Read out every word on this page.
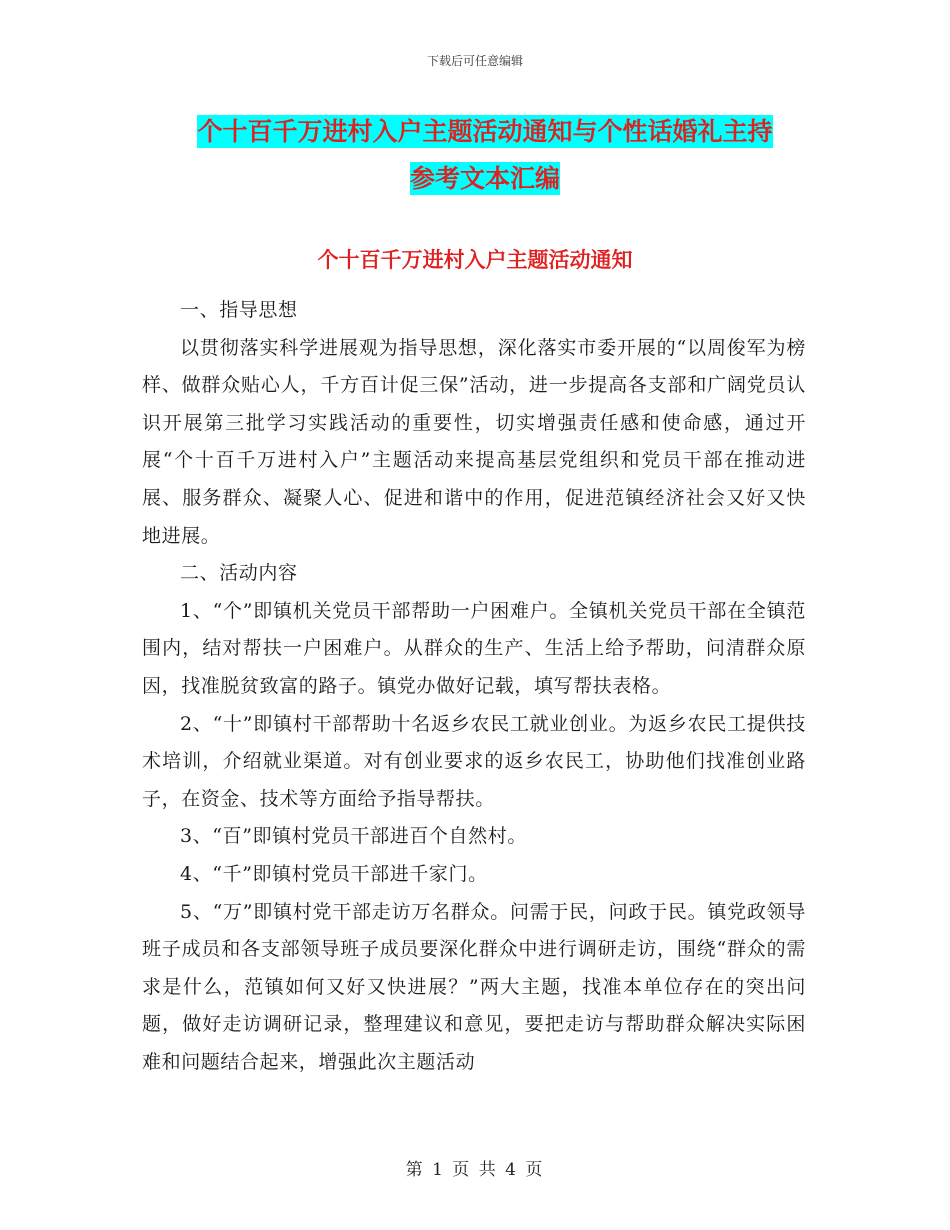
下载后可任意编辑
个十百千万进村入户主题活动通知与个性话婚礼主持
参考文本汇编
个十百千万进村入户主题活动通知

一、指导思想

以贯彻落实科学进展观为指导思想，深化落实市委开展的“以周俊军为榜样、做群众贴心人，千方百计促三保”活动，进一步提高各支部和广阔党员认识开展第三批学习实践活动的重要性，切实增强责任感和使命感，通过开展“个十百千万进村入户”主题活动来提高基层党组织和党员干部在推动进展、服务群众、凝聚人心、促进和谐中的作用，促进范镇经济社会又好又快地进展。

二、活动内容

1、“个”即镇机关党员干部帮助一户困难户。全镇机关党员干部在全镇范围内，结对帮扶一户困难户。从群众的生产、生活上给予帮助，问清群众原因，找准脱贫致富的路子。镇党办做好记载，填写帮扶表格。

2、“十”即镇村干部帮助十名返乡农民工就业创业。为返乡农民工提供技术培训，介绍就业渠道。对有创业要求的返乡农民工，协助他们找准创业路子，在资金、技术等方面给予指导帮扶。

3、“百”即镇村党员干部进百个自然村。

4、“千”即镇村党员干部进千家门。

5、“万”即镇村党干部走访万名群众。问需于民，问政于民。镇党政领导班子成员和各支部领导班子成员要深化群众中进行调研走访，围绕“群众的需求是什么，范镇如何又好又快进展？”两大主题，找准本单位存在的突出问题，做好走访调研记录，整理建议和意见，要把走访与帮助群众解决实际困难和问题结合起来，增强此次主题活动

第 1 页 共 4 页
